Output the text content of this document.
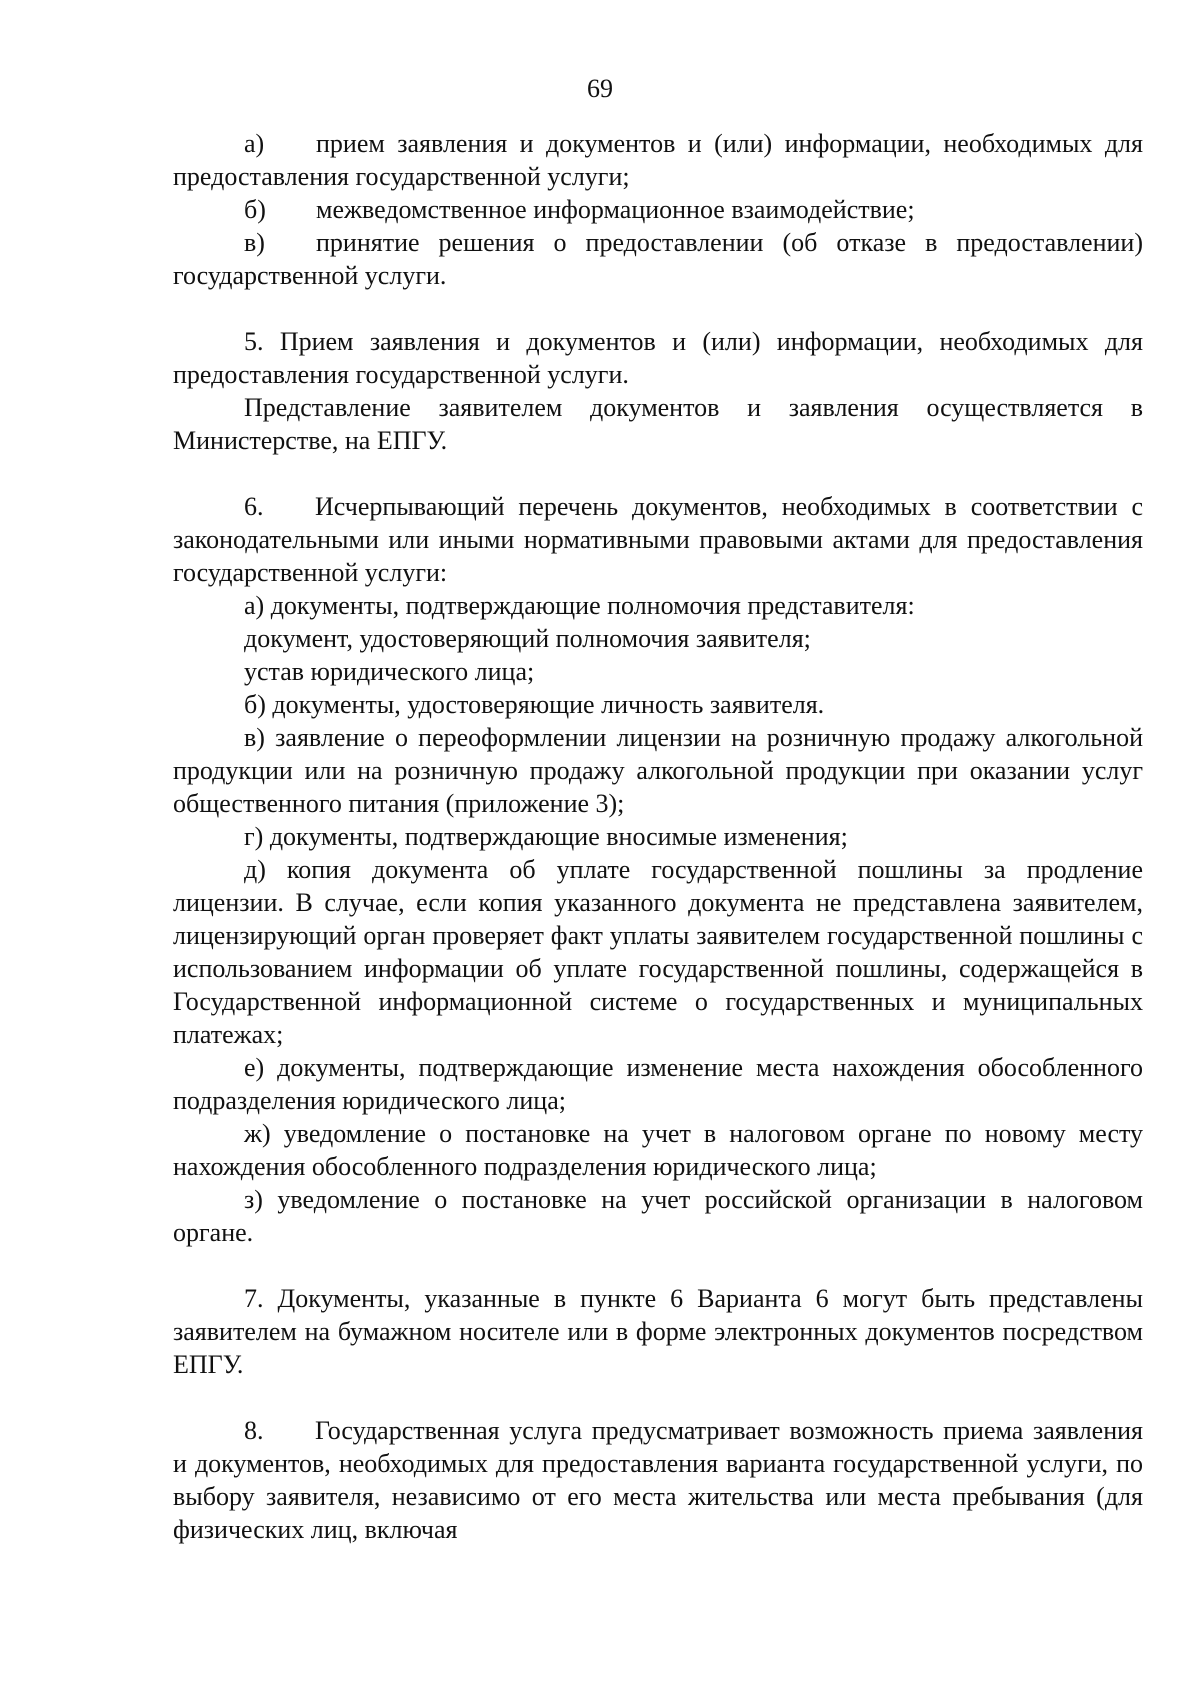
69

а) прием заявления и документов и (или) информации, необходимых для предоставления государственной услуги;

б) межведомственное информационное взаимодействие;

в) принятие решения о предоставлении (об отказе в предоставлении) государственной услуги.

5. Прием заявления и документов и (или) информации, необходимых для предоставления государственной услуги.

Представление заявителем документов и заявления осуществляется в Министерстве, на ЕПГУ.

6. Исчерпывающий перечень документов, необходимых в соответствии с законодательными или иными нормативными правовыми актами для предоставления государственной услуги:

а) документы, подтверждающие полномочия представителя:

документ, удостоверяющий полномочия заявителя;

устав юридического лица;

б) документы, удостоверяющие личность заявителя.

в) заявление о переоформлении лицензии на розничную продажу алкогольной продукции или на розничную продажу алкогольной продукции при оказании услуг общественного питания (приложение 3);

г) документы, подтверждающие вносимые изменения;

д) копия документа об уплате государственной пошлины за продление лицензии. В случае, если копия указанного документа не представлена заявителем, лицензирующий орган проверяет факт уплаты заявителем государственной пошлины с использованием информации об уплате государственной пошлины, содержащейся в Государственной информационной системе о государственных и муниципальных платежах;

е) документы, подтверждающие изменение места нахождения обособленного подразделения юридического лица;

ж) уведомление о постановке на учет в налоговом органе по новому месту нахождения обособленного подразделения юридического лица;

з) уведомление о постановке на учет российской организации в налоговом органе.

7. Документы, указанные в пункте 6 Варианта 6 могут быть представлены заявителем на бумажном носителе или в форме электронных документов посредством ЕПГУ.

8. Государственная услуга предусматривает возможность приема заявления и документов, необходимых для предоставления варианта государственной услуги, по выбору заявителя, независимо от его места жительства или места пребывания (для физических лиц, включая
